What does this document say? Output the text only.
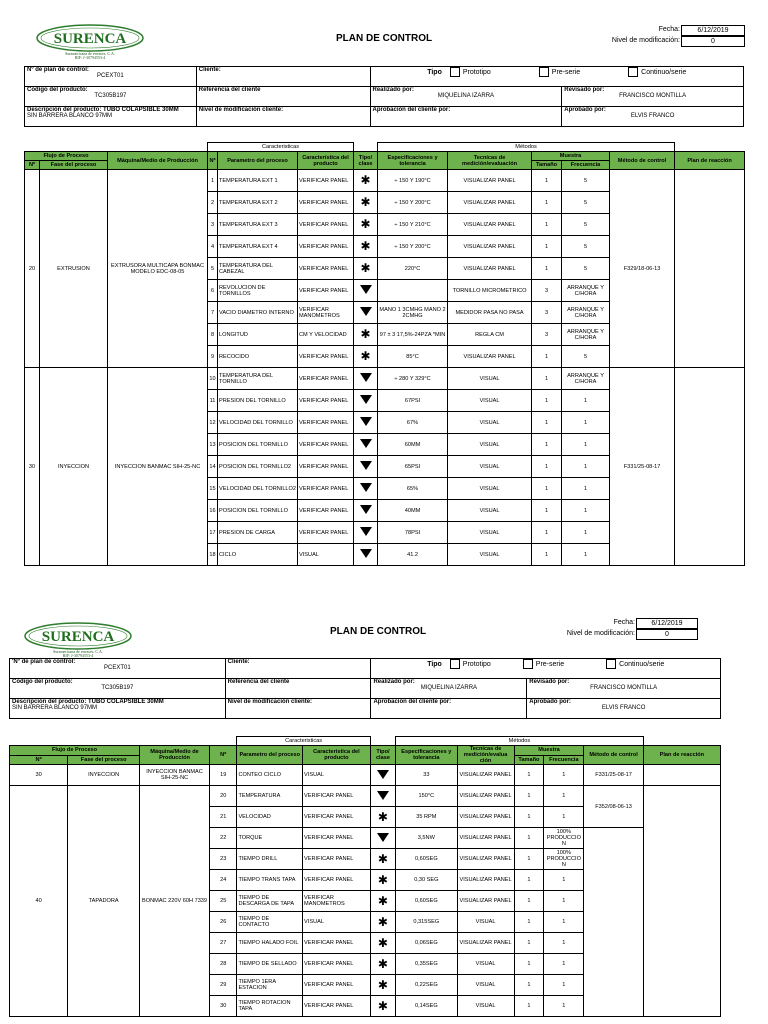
SURENCA
Suramericana de envases, C.A.
RIF: J-30794553-4
PLAN DE CONTROL
Fecha:	6/12/2019
Nivel de modificación:	0
Nº de plan de control:
PCEXT01	Cliente:	Tipo Prototipo Pre-serie Continuo/serie	

Codigo del producto:
TC305B197	Referencia del cliente	Realizado por:
MIQUELINA IZARRA	Revisado por:
FRANCISCO MONTILLA

Descripción del producto: TUBO COLAPSIBLE 30MM
SIN BARRERA BLANCO 97MM	Nivel de modificación cliente:	Aprobación del cliente por:	Aprobado por:
ELVIS FRANCO
			Caracteristicas				Métodos					
Flujo de Proceso		Máquina/Medio de Producción	Nº	Parametro del proceso	Característica del producto	Tipo/ clase	Especificaciones y tolerancia	Tecnicas de medición/evaluación	Muestra		Método de control	Plan de reacción
Nº	Fase del proceso								Tamaño	Frecuencia		
20	EXTRUSION	EXTRUSORA MULTICAPA BONMAC MODELO EDC-08-05	1	TEMPERATURA EXT 1	VERIFICAR PANEL	✱	÷ 150 Y 190°C	VISUALIZAR PANEL	1	5	F329/18-06-13	
			2	TEMPERATURA EXT 2	VERIFICAR PANEL	✱	÷ 150 Y 200°C	VISUALIZAR PANEL	1	5		
			3	TEMPERATURA EXT 3	VERIFICAR PANEL	✱	÷ 150 Y 210°C	VISUALIZAR PANEL	1	5		
			4	TEMPERATURA EXT 4	VERIFICAR PANEL	✱	÷ 150 Y 200°C	VISUALIZAR PANEL	1	5		
			5	TEMPERATURA DEL CABEZAL	VERIFICAR PANEL	✱	220°C	VISUALIZAR PANEL	1	5		
			6	REVOLUCION DE TORNILLOS	VERIFICAR PANEL			TORNILLO MICROMETRICO	3	ARRANQUE Y C/HORA		
			7	VACIO DIAMETRO INTERNO	VERIFICAR MANOMETROS		MANO 1 3CMHG MANO 2 2CMHG	MEDIDOR PASA NO PASA	3	ARRANQUE Y C/HORA		
			8	LONGITUD	CM Y VELOCIDAD	✱	97 ± 3 17,5%-24PZA *MIN	REGLA CM	3	ARRANQUE Y C/HORA		
			9	RECOCIDO	VERIFICAR PANEL	✱	85°C	VISUALIZAR PANEL	1	5		
30	INYECCION	INYECCION BANMAC SIH-25-NC	10	TEMPERATURA DEL TORNILLO	VERIFICAR PANEL		÷ 280 Y 329°C	VISUAL	1	ARRANQUE Y C/HORA	F331/25-08-17	
			11	PRESION DEL TORNILLO	VERIFICAR PANEL		67PSI	VISUAL	1	1		
			12	VELOCIDAD DEL TORNILLO	VERIFICAR PANEL		67%	VISUAL	1	1		
			13	POSICION DEL TORNILLO	VERIFICAR PANEL		60MM	VISUAL	1	1		
			14	POSICION DEL TORNILLO2	VERIFICAR PANEL		65PSI	VISUAL	1	1		
			15	VELOCIDAD DEL TORNILLO2	VERIFICAR PANEL		65%	VISUAL	1	1		
			16	POSICION DEL TORNILLO	VERIFICAR PANEL		40MM	VISUAL	1	1		
			17	PRESION DE CARGA	VERIFICAR PANEL		78PSI	VISUAL	1	1		
			18	CICLO	VISUAL		41.2	VISUAL	1	1		
SURENCA
Suramericana de envases, C.A.
RIF: J-30794553-4
PLAN DE CONTROL
Fecha:	6/12/2019
Nivel de modificación:	0
'Nº de plan de control:
PCEXT01	Cliente:	Tipo Prototipo Pre-serie Continuo/serie	

Codigo del producto:
TC305B197	Referencia del cliente	Realizado por:
MIQUELINA IZARRA	Revisado por:
FRANCISCO MONTILLA

Descripción del producto: TUBO COLAPSIBLE 30MM
SIN BARRERA BLANCO 97MM	Nivel de modificación cliente:	Aprobación del cliente por:	Aprobado por:
ELVIS FRANCO
				Caracteristicas			Métodos					
Flujo de Proceso		Máquina/Medio de Producción	Nº	Parametro del proceso	Característica del producto	Tipo/ clase	Especificaciones y tolerancia	Tecnicas de medición/evalua ción	Muestra		Método de control	Plan de reacción
Nº	Fase del proceso								Tamaño	Frecuencia		
30	INYECCION	INYECCION BANMAC SIH-25-NC	19	CONTEO CICLO	VISUAL		33	VISUALIZAR PANEL	1	1	F331/25-08-17	
40	TAPADORA	BONMAC 220V 60H 7339	20	TEMPERATURA	VERIFICAR PANEL		150°C	VISUALIZAR PANEL	1	1	F352/08-06-13	
			21	VELOCIDAD	VERIFICAR PANEL	✱	35 RPM	VISUALIZAR PANEL	1	1		
			22	TORQUE	VERIFICAR PANEL		3,5NW	VISUALIZAR PANEL	1	100% PRODUCCIO N		
			23	TIEMPO DRILL	VERIFICAR PANEL	✱	0,60SEG	VISUALIZAR PANEL	1	100% PRODUCCIO N		
			24	TIEMPO TRANS TAPA	VERIFICAR PANEL	✱	0,30 SEG	VISUALIZAR PANEL	1	1		
			25	TIEMPO DE DESCARGA DE TAPA	VERIFICAR MANOMETROS	✱	0,60SEG	VISUALIZAR PANEL	1	1		
			26	TIEMPO DE CONTACTO	VISUAL	✱	0,315SEG	VISUAL	1	1		
			27	TIEMPO HALADO FOIL	VERIFICAR PANEL	✱	0,06SEG	VISUALIZAR PANEL	1	1		
			28	TIEMPO DE SELLADO	VERIFICAR PANEL	✱	0,35SEG	VISUAL	1	1		
			29	TIEMPO 1ERA ESTACION	VERIFICAR PANEL	✱	0,22SEG	VISUAL	1	1		
			30	TIEMPO ROTACION TAPA	VERIFICAR PANEL	✱	0,14SEG	VISUAL	1	1		
